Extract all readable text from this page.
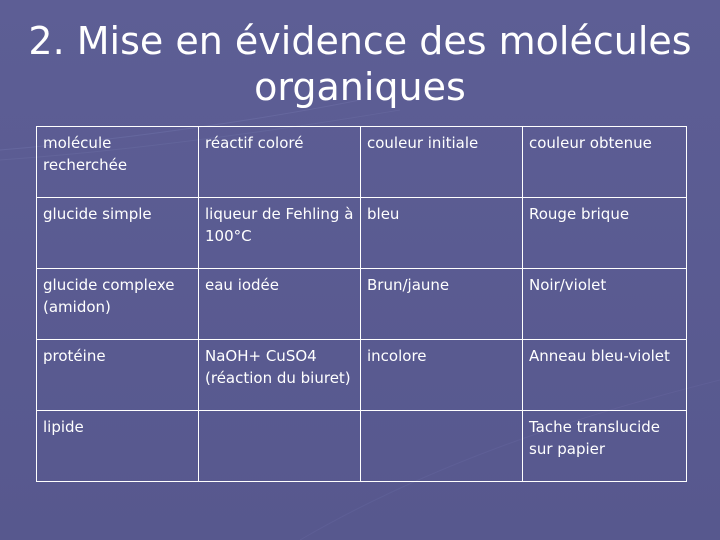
2. Mise en évidence des molécules
organiques
molécule recherchée	réactif coloré	couleur initiale	couleur obtenue
glucide simple	liqueur de Fehling à 100°C	bleu	Rouge brique
glucide complexe (amidon)	eau iodée	Brun/jaune	Noir/violet
protéine	NaOH+ CuSO4 (réaction du biuret)	incolore	Anneau bleu-violet
lipide			Tache translucide sur papier
